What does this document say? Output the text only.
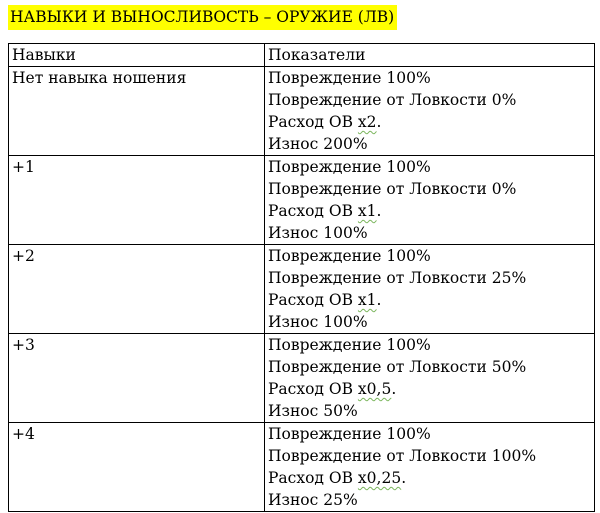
НАВЫКИ И ВЫНОСЛИВОСТЬ – ОРУЖИЕ (ЛВ)
Навыки	Показатели

Нет навыка ношения	Повреждение 100%
Повреждение от Ловкости 0%
Расход ОВ х2.
Износ 200%

+1	Повреждение 100%
Повреждение от Ловкости 0%
Расход ОВ х1.
Износ 100%

+2	Повреждение 100%
Повреждение от Ловкости 25%
Расход ОВ х1.
Износ 100%

+3	Повреждение 100%
Повреждение от Ловкости 50%
Расход ОВ х0,5.
Износ 50%

+4	Повреждение 100%
Повреждение от Ловкости 100%
Расход ОВ х0,25.
Износ 25%
